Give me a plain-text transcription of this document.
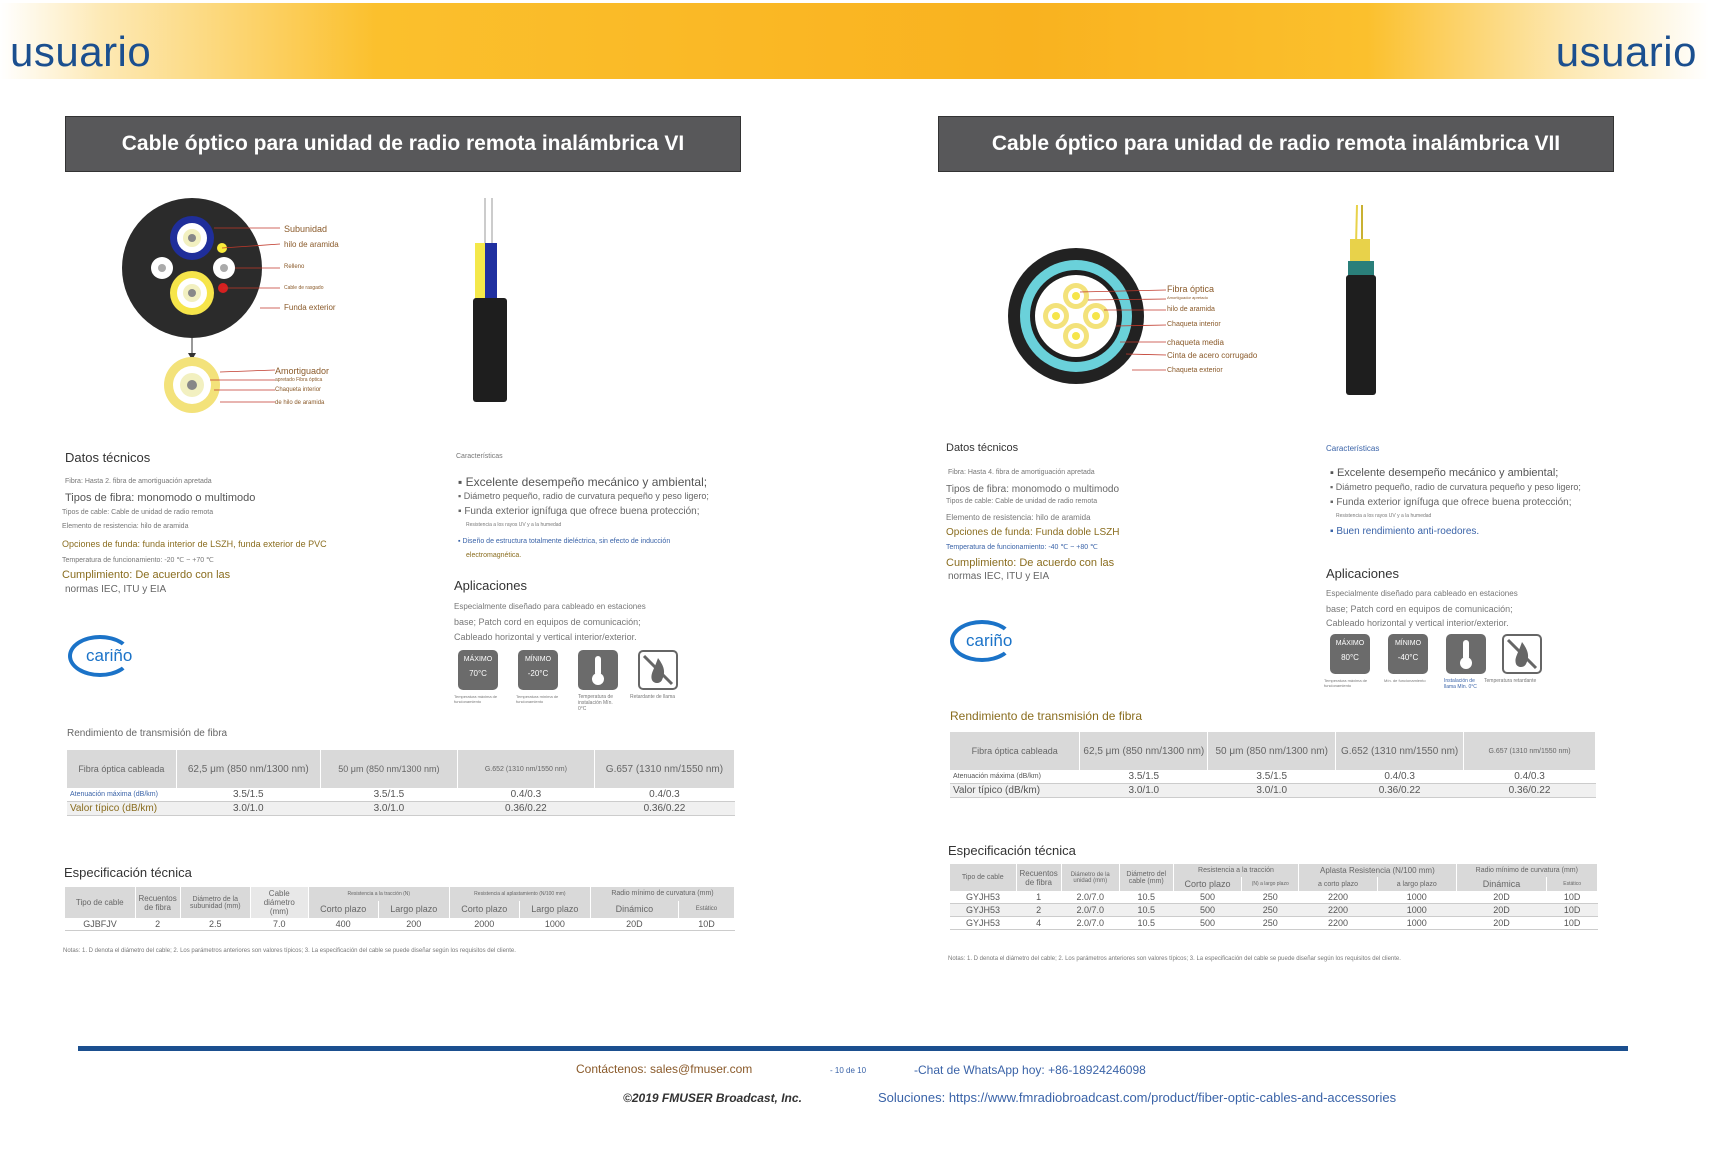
usuario	usuario
Cable óptico para unidad de radio remota inalámbrica VI
Subunidad
hilo de aramida
Relleno
Cable de rasgado
Funda exterior
Amortiguador
apretado Fibra óptica
Chaqueta interior
de hilo de aramida
Datos técnicos
Fibra: Hasta 2. fibra de amortiguación apretada
Tipos de fibra: monomodo o multimodo
Tipos de cable: Cable de unidad de radio remota
Elemento de resistencia: hilo de aramida
Opciones de funda: funda interior de LSZH, funda exterior de PVC
Temperatura de funcionamiento: -20 ℃ ~ +70 ℃
Cumplimiento: De acuerdo con las
normas IEC, ITU y EIA
Características
▪ Excelente desempeño mecánico y ambiental;
▪ Diámetro pequeño, radio de curvatura pequeño y peso ligero;
▪ Funda exterior ignífuga que ofrece buena protección;
Resistencia a los rayos UV y a la humedad
▪ Diseño de estructura totalmente dieléctrica, sin efecto de inducción
electromagnética.
Aplicaciones
Especialmente diseñado para cableado en estaciones
base; Patch cord en equipos de comunicación;
Cableado horizontal y vertical interior/exterior.
MÁXIMO
70°C
MÍNIMO
-20°C
Temperatura máxima de funcionamiento
Temperatura mínima de funcionamiento
Temperatura de instalación Mín. 0°C
Retardante de llama
cariño
Rendimiento de transmisión de fibra
Fibra óptica cableada	62,5 μm (850 nm/1300 nm)	50 μm (850 nm/1300 nm)	G.652 (1310 nm/1550 nm)	G.657 (1310 nm/1550 nm)
Atenuación máxima (dB/km)	3.5/1.5	3.5/1.5	0.4/0.3	0.4/0.3
Valor típico (dB/km)	3.0/1.0	3.0/1.0	0.36/0.22	0.36/0.22
Especificación técnica
Tipo de cable	Recuentos de fibra	Diámetro de la subunidad (mm)	Cable diámetro (mm)	Resistencia a la tracción (N)		Resistencia al aplastamiento (N/100 mm)		Radio mínimo de curvatura (mm)	
				Corto plazo	Largo plazo	Corto plazo	Largo plazo	Dinámico	Estático
GJBFJV	2	2.5	7.0	400	200	2000	1000	20D	10D
Notas: 1. D denota el diámetro del cable; 2. Los parámetros anteriores son valores típicos; 3. La especificación del cable se puede diseñar según los requisitos del cliente.
Cable óptico para unidad de radio remota inalámbrica VII
Fibra óptica
Amortiguador apretado
hilo de aramida
Chaqueta interior
chaqueta media
Cinta de acero corrugado
Chaqueta exterior
Datos técnicos
Fibra: Hasta 4. fibra de amortiguación apretada
Tipos de fibra: monomodo o multimodo
Tipos de cable: Cable de unidad de radio remota
Elemento de resistencia: hilo de aramida
Opciones de funda: Funda doble LSZH
Temperatura de funcionamiento: -40 ℃ ~ +80 ℃
Cumplimiento: De acuerdo con las
normas IEC, ITU y EIA
Características
▪ Excelente desempeño mecánico y ambiental;
▪ Diámetro pequeño, radio de curvatura pequeño y peso ligero;
▪ Funda exterior ignífuga que ofrece buena protección;
Resistencia a los rayos UV y a la humedad
▪ Buen rendimiento anti-roedores.
Aplicaciones
Especialmente diseñado para cableado en estaciones
base; Patch cord en equipos de comunicación;
Cableado horizontal y vertical interior/exterior.
MÁXIMO
80°C
MÍNIMO
-40°C
Temperatura máxima de funcionamiento
Mín. de funcionamiento	Instalación de llama Mín. 0°C
Temperatura retardante
cariño
Rendimiento de transmisión de fibra
Fibra óptica cableada	62,5 μm (850 nm/1300 nm)	50 μm (850 nm/1300 nm)	G.652 (1310 nm/1550 nm)	G.657 (1310 nm/1550 nm)
Atenuación máxima (dB/km)	3.5/1.5	3.5/1.5	0.4/0.3	0.4/0.3
Valor típico (dB/km)	3.0/1.0	3.0/1.0	0.36/0.22	0.36/0.22
Especificación técnica
Tipo de cable	Recuentos de fibra	Diámetro de la unidad (mm)	Diámetro del cable (mm)	Resistencia a la tracción		Aplasta Resistencia (N/100 mm)		Radio mínimo de curvatura (mm)	
				Corto plazo	(N) a largo plazo	a corto plazo	a largo plazo	Dinámica	Estático
GYJH53	1	2.0/7.0	10.5	500	250	2200	1000	20D	10D
GYJH53	2	2.0/7.0	10.5	500	250	2200	1000	20D	10D
GYJH53	4	2.0/7.0	10.5	500	250	2200	1000	20D	10D
Notas: 1. D denota el diámetro del cable; 2. Los parámetros anteriores son valores típicos; 3. La especificación del cable se puede diseñar según los requisitos del cliente.
Contáctenos: sales@fmuser.com	- 10 de 10	-Chat de WhatsApp hoy: +86-18924246098
©2019 FMUSER Broadcast, Inc.	Soluciones: https://www.fmradiobroadcast.com/product/fiber-optic-cables-and-accessories
